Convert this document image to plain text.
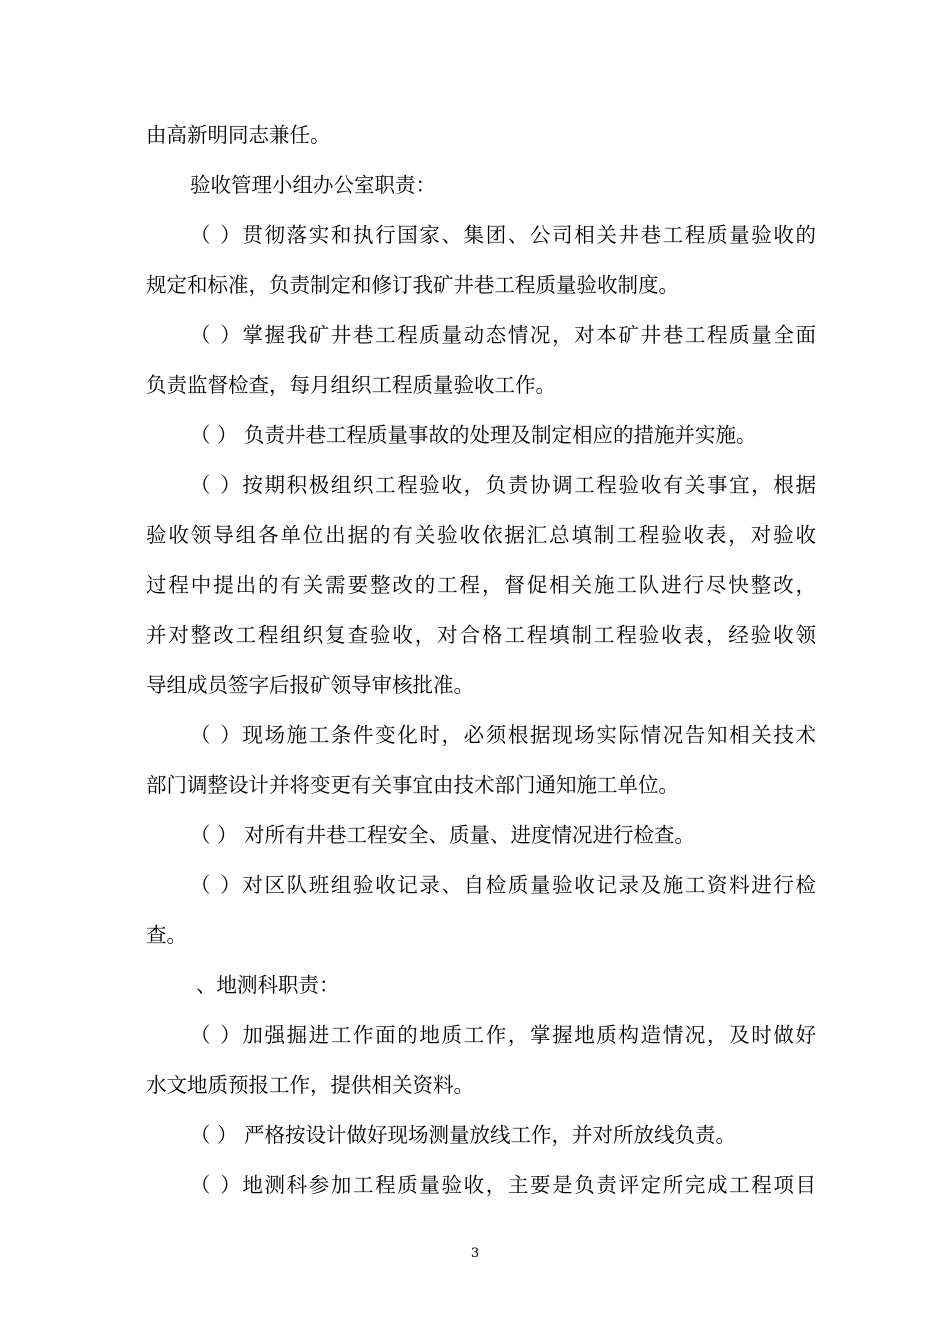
由高新明同志兼任。
验收管理小组办公室职责：
（ ）贯彻落实和执行国家、集团、公司相关井巷工程质量验收的
规定和标准，负责制定和修订我矿井巷工程质量验收制度。
（ ）掌握我矿井巷工程质量动态情况，对本矿井巷工程质量全面
负责监督检查，每月组织工程质量验收工作。
（ ） 负责井巷工程质量事故的处理及制定相应的措施并实施。
（ ）按期积极组织工程验收，负责协调工程验收有关事宜，根据
验收领导组各单位出据的有关验收依据汇总填制工程验收表，对验收
过程中提出的有关需要整改的工程，督促相关施工队进行尽快整改，
并对整改工程组织复查验收，对合格工程填制工程验收表，经验收领
导组成员签字后报矿领导审核批准。
（ ）现场施工条件变化时，必须根据现场实际情况告知相关技术
部门调整设计并将变更有关事宜由技术部门通知施工单位。
（ ） 对所有井巷工程安全、质量、进度情况进行检查。
（ ）对区队班组验收记录、自检质量验收记录及施工资料进行检
查。
、地测科职责：
（ ）加强掘进工作面的地质工作，掌握地质构造情况，及时做好
水文地质预报工作，提供相关资料。
（ ） 严格按设计做好现场测量放线工作，并对所放线负责。
（ ）地测科参加工程质量验收，主要是负责评定所完成工程项目
3
